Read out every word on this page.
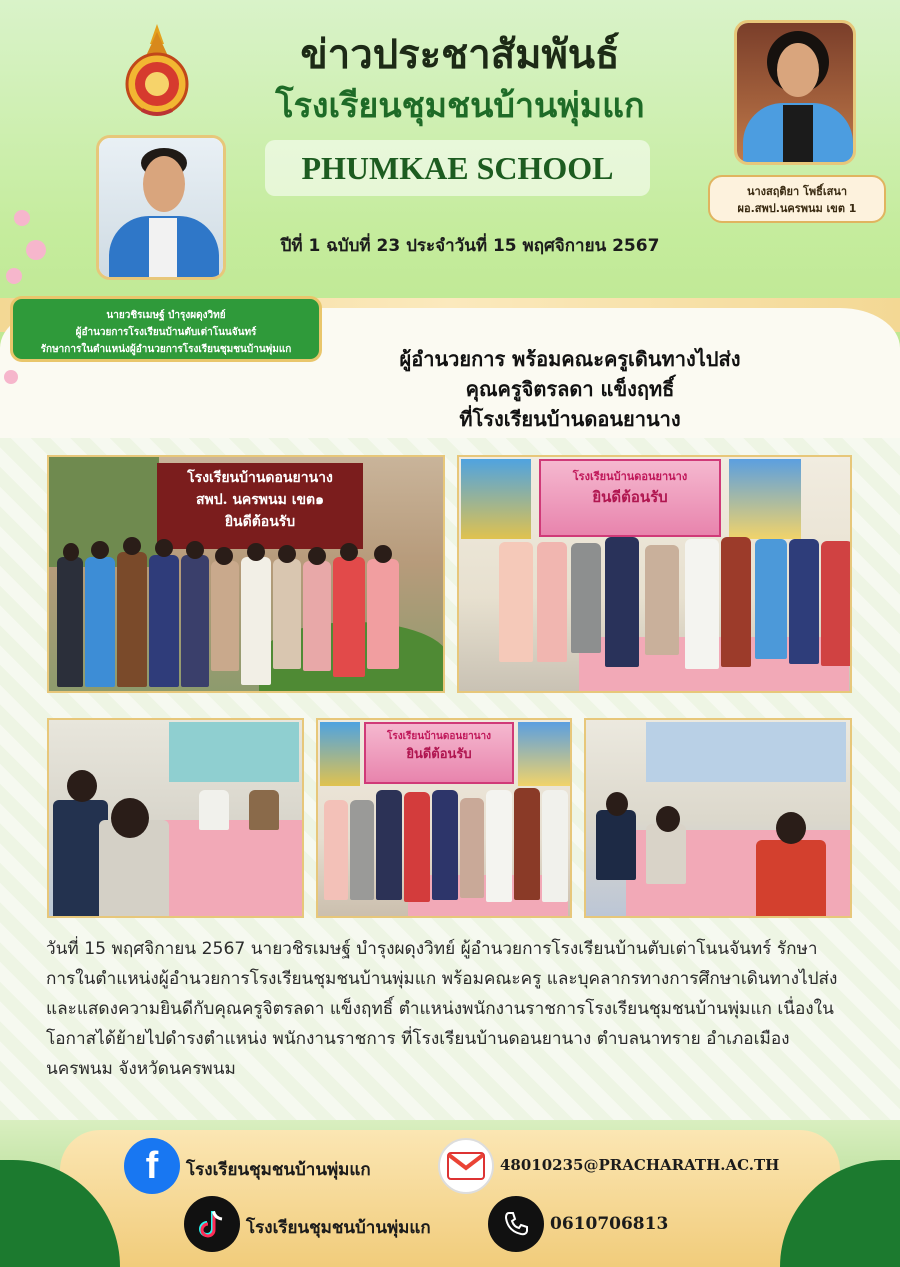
ข่าวประชาสัมพันธ์
โรงเรียนชุมชนบ้านพุ่มแก
PHUMKAE SCHOOL
ปีที่ 1 ฉบับที่ 23 ประจำวันที่ 15 พฤศจิกายน 2567
นางสฤติยา โพธิ์เสนา
ผอ.สพป.นครพนม เขต 1
นายวชิรเมษฐ์ บำรุงผดุงวิทย์
ผู้อำนวยการโรงเรียนบ้านตับเต่าโนนจันทร์
รักษาการในตำแหน่งผู้อำนวยการโรงเรียนชุมชนบ้านพุ่มแก	ผู้อำนวยการ พร้อมคณะครูเดินทางไปส่ง
คุณครูจิตรลดา แข็งฤทธิ์
ที่โรงเรียนบ้านดอนยานาง
โรงเรียนบ้านดอนยานาง
สพป. นครพนม เขต๑
ยินดีต้อนรับ
โรงเรียนบ้านดอนยานาง
ยินดีต้อนรับ
โรงเรียนบ้านดอนยานาง
ยินดีต้อนรับ
วันที่ 15 พฤศจิกายน 2567 นายวชิรเมษฐ์ บำรุงผดุงวิทย์ ผู้อำนวยการโรงเรียนบ้านตับเต่าโนนจันทร์ รักษาการในตำแหน่งผู้อำนวยการโรงเรียนชุมชนบ้านพุ่มแก พร้อมคณะครู และบุคลากรทางการศึกษาเดินทางไปส่งและแสดงความยินดีกับคุณครูจิตรลดา แข็งฤทธิ์ ตำแหน่งพนักงานราชการโรงเรียนชุมชนบ้านพุ่มแก เนื่องในโอกาสได้ย้ายไปดำรงตำแหน่ง พนักงานราชการ ที่โรงเรียนบ้านดอนยานาง ตำบลนาทราย อำเภอเมืองนครพนม จังหวัดนครพนม
f	โรงเรียนชุมชนบ้านพุ่มแก	48010235@PRACHARATH.AC.TH
โรงเรียนชุมชนบ้านพุ่มแก	0610706813
